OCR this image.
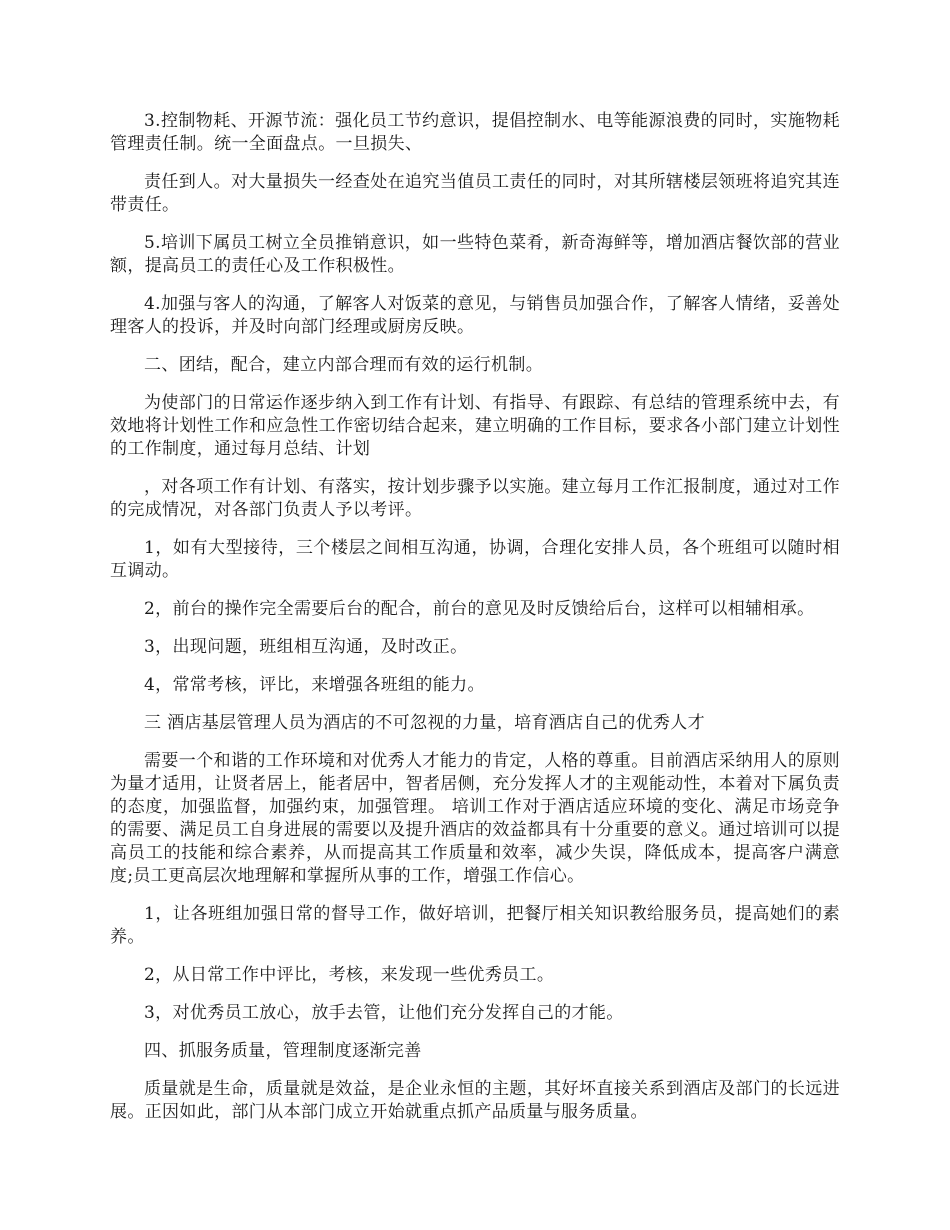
3.控制物耗、开源节流：强化员工节约意识，提倡控制水、电等能源浪费的同时，实施物耗管理责任制。统一全面盘点。一旦损失、

责任到人。对大量损失一经查处在追究当值员工责任的同时，对其所辖楼层领班将追究其连带责任。

5.培训下属员工树立全员推销意识，如一些特色菜肴，新奇海鲜等，增加酒店餐饮部的营业额，提高员工的责任心及工作积极性。

4.加强与客人的沟通，了解客人对饭菜的意见，与销售员加强合作，了解客人情绪，妥善处理客人的投诉，并及时向部门经理或厨房反映。

二、团结，配合，建立内部合理而有效的运行机制。

为使部门的日常运作逐步纳入到工作有计划、有指导、有跟踪、有总结的管理系统中去，有效地将计划性工作和应急性工作密切结合起来，建立明确的工作目标，要求各小部门建立计划性的工作制度，通过每月总结、计划

，对各项工作有计划、有落实，按计划步骤予以实施。建立每月工作汇报制度，通过对工作的完成情况，对各部门负责人予以考评。

1，如有大型接待，三个楼层之间相互沟通，协调，合理化安排人员，各个班组可以随时相互调动。

2，前台的操作完全需要后台的配合，前台的意见及时反馈给后台，这样可以相辅相承。

3，出现问题，班组相互沟通，及时改正。

4，常常考核，评比，来增强各班组的能力。

三 酒店基层管理人员为酒店的不可忽视的力量，培育酒店自己的优秀人才

需要一个和谐的工作环境和对优秀人才能力的肯定，人格的尊重。目前酒店采纳用人的原则为量才适用，让贤者居上，能者居中，智者居侧，充分发挥人才的主观能动性，本着对下属负责的态度，加强监督，加强约束，加强管理。 培训工作对于酒店适应环境的变化、满足市场竞争的需要、满足员工自身进展的需要以及提升酒店的效益都具有十分重要的意义。通过培训可以提高员工的技能和综合素养，从而提高其工作质量和效率，减少失误，降低成本，提高客户满意度;员工更高层次地理解和掌握所从事的工作，增强工作信心。

1，让各班组加强日常的督导工作，做好培训，把餐厅相关知识教给服务员，提高她们的素养。

2，从日常工作中评比，考核，来发现一些优秀员工。

3，对优秀员工放心，放手去管，让他们充分发挥自己的才能。

四、抓服务质量，管理制度逐渐完善

质量就是生命，质量就是效益，是企业永恒的主题，其好坏直接关系到酒店及部门的长远进展。正因如此，部门从本部门成立开始就重点抓产品质量与服务质量。
